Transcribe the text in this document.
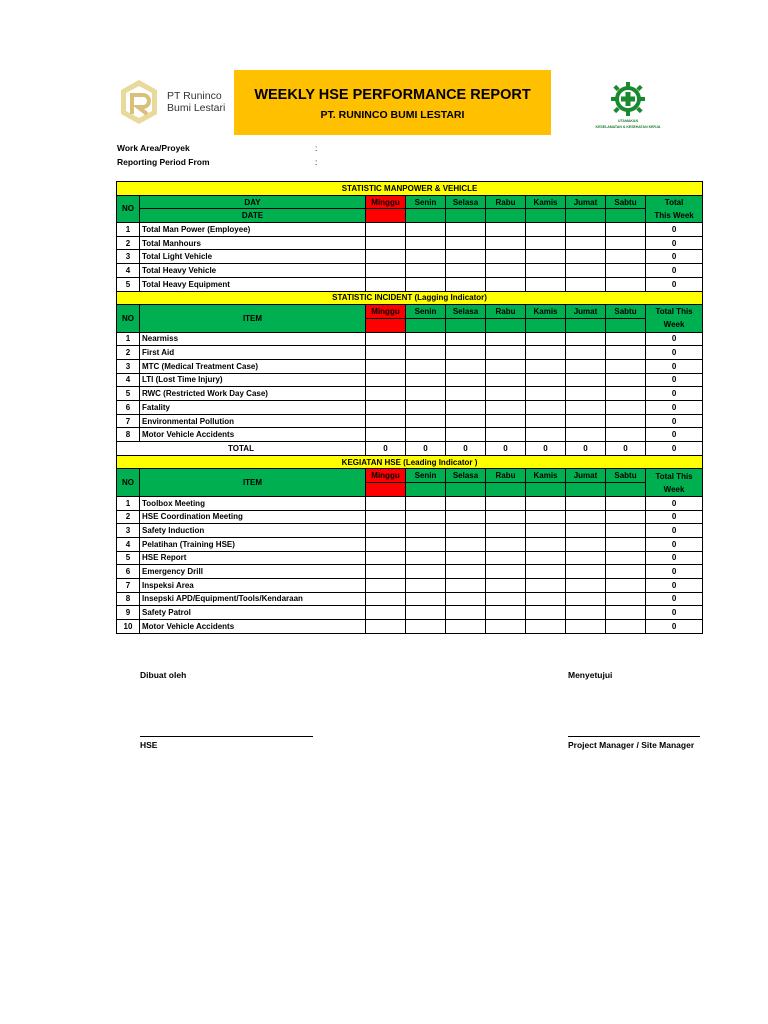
PT Runinco
Bumi Lestari
WEEKLY HSE PERFORMANCE REPORT
PT. RUNINCO BUMI LESTARI	UTAMAKAN
KESELAMATAN & KESEHATAN KERJA
Work Area/Proyek	:
Reporting Period From	:
STATISTIC MANPOWER & VEHICLE									
NO	DAY	Minggu	Senin	Selasa	Rabu	Kamis	Jumat	Sabtu	Total
This Week

	DATE								
1	Total Man Power (Employee)								0
2	Total Manhours								0
3	Total Light Vehicle								0
4	Total Heavy Vehicle								0
5	Total Heavy Equipment								0
STATISTIC INCIDENT (Lagging Indicator)									
NO	ITEM	Minggu	Senin	Selasa	Rabu	Kamis	Jumat	Sabtu	Total This
Week

1	Nearmiss								0
2	First Aid								0
3	MTC (Medical Treatment Case)								0
4	LTI (Lost Time Injury)								0
5	RWC (Restricted Work Day Case)								0
6	Fatality								0
7	Environmental Pollution								0
8	Motor Vehicle Accidents								0
TOTAL		0	0	0	0	0	0	0	0
KEGIATAN HSE (Leading Indicator )									
NO	ITEM	Minggu	Senin	Selasa	Rabu	Kamis	Jumat	Sabtu	Total This
Week

1	Toolbox Meeting								0
2	HSE Coordination Meeting								0
3	Safety Induction								0
4	Pelatihan (Training HSE)								0
5	HSE Report								0
6	Emergency Drill								0
7	Inspeksi Area								0
8	Insepski APD/Equipment/Tools/Kendaraan								0
9	Safety Patrol								0
10	Motor Vehicle Accidents								0
Dibuat oleh	Menyetujui
HSE	Project Manager / Site Manager
